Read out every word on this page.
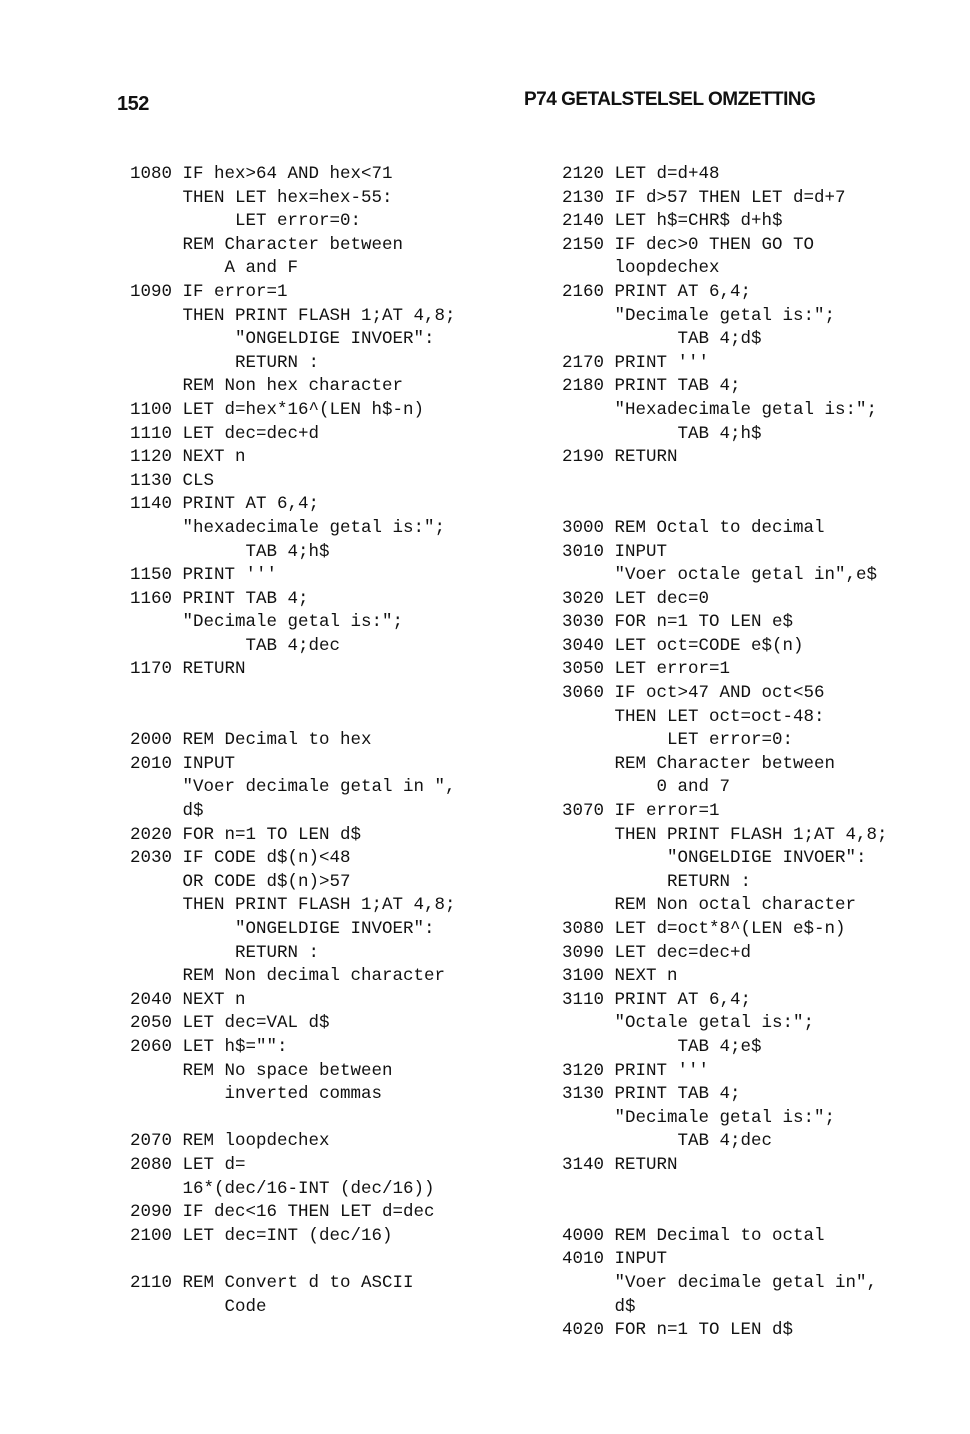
152	P74 GETALSTELSEL OMZETTING
1080 IF hex>64 AND hex<71
THEN LET hex=hex-55:
LET error=0:
REM Character between
A and F
1090 IF error=1
THEN PRINT FLASH 1;AT 4,8;
"ONGELDIGE INVOER":
RETURN :
REM Non hex character
1100 LET d=hex*16^(LEN h$-n)
1110 LET dec=dec+d
1120 NEXT n
1130 CLS
1140 PRINT AT 6,4;
"hexadecimale getal is:";
TAB 4;h$
1150 PRINT '''
1160 PRINT TAB 4;
"Decimale getal is:";
TAB 4;dec
1170 RETURN
2000 REM Decimal to hex
2010 INPUT
"Voer decimale getal in ",
d$
2020 FOR n=1 TO LEN d$
2030 IF CODE d$(n)<48
OR CODE d$(n)>57
THEN PRINT FLASH 1;AT 4,8;
"ONGELDIGE INVOER":
RETURN :
REM Non decimal character
2040 NEXT n
2050 LET dec=VAL d$
2060 LET h$="":
REM No space between
inverted commas
2070 REM loopdechex
2080 LET d=
16*(dec/16-INT (dec/16))
2090 IF dec<16 THEN LET d=dec
2100 LET dec=INT (dec/16)
2110 REM Convert d to ASCII
Code
2120 LET d=d+48
2130 IF d>57 THEN LET d=d+7
2140 LET h$=CHR$ d+h$
2150 IF dec>0 THEN GO TO
loopdechex
2160 PRINT AT 6,4;
"Decimale getal is:";
TAB 4;d$
2170 PRINT '''
2180 PRINT TAB 4;
"Hexadecimale getal is:";
TAB 4;h$
2190 RETURN
3000 REM Octal to decimal
3010 INPUT
"Voer octale getal in",e$
3020 LET dec=0
3030 FOR n=1 TO LEN e$
3040 LET oct=CODE e$(n)
3050 LET error=1
3060 IF oct>47 AND oct<56
THEN LET oct=oct-48:
LET error=0:
REM Character between
0 and 7
3070 IF error=1
THEN PRINT FLASH 1;AT 4,8;
"ONGELDIGE INVOER":
RETURN :
REM Non octal character
3080 LET d=oct*8^(LEN e$-n)
3090 LET dec=dec+d
3100 NEXT n
3110 PRINT AT 6,4;
"Octale getal is:";
TAB 4;e$
3120 PRINT '''
3130 PRINT TAB 4;
"Decimale getal is:";
TAB 4;dec
3140 RETURN
4000 REM Decimal to octal
4010 INPUT
"Voer decimale getal in",
d$
4020 FOR n=1 TO LEN d$
